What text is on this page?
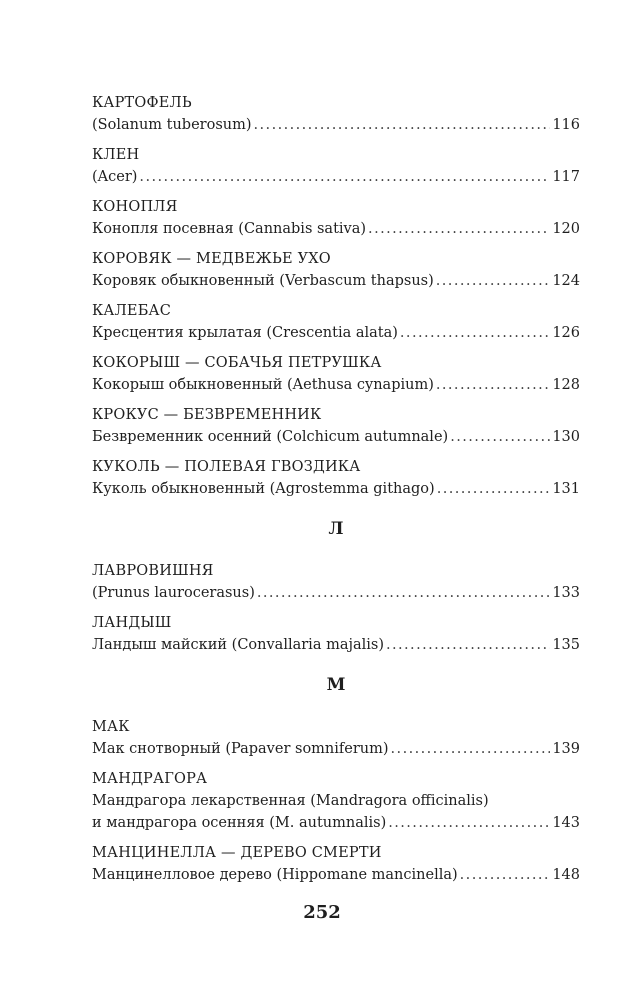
КАРТОФЕЛЬ
(Solanum tuberosum) . . .	116
КЛЕН
(Acer) . . .	117
КОНОПЛЯ
Конопля посевная (Cannabis sativa) . . .	120
КОРОВЯК — МЕДВЕЖЬЕ УХО
Коровяк обыкновенный (Verbascum thapsus) . . .	124
КАЛЕБАС
Кресцентия крылатая (Crescentia alata) . . .	126
КОКОРЫШ — СОБАЧЬЯ ПЕТРУШКА
Кокорыш обыкновенный (Aethusa cynapium) . . .	128
КРОКУС — БЕЗВРЕМЕННИК
Безвременник осенний (Colchicum autumnale) . . .	130
КУКОЛЬ — ПОЛЕВАЯ ГВОЗДИКА
Куколь обыкновенный (Agrostemma githago) . . .	131
Л
ЛАВРОВИШНЯ
(Prunus laurocerasus) . . .	133
ЛАНДЫШ
Ландыш майский (Convallaria majalis) . . .	135
М
МАК
Мак снотворный (Papaver somniferum) . . .	139
МАНДРАГОРА
Мандрагора лекарственная (Mandragora officinalis)
и мандрагора осенняя (M. autumnalis) . . .	143
МАНЦИНЕЛЛА — ДЕРЕВО СМЕРТИ
Манцинелловое дерево (Hippomane mancinella) . . .	148
252
